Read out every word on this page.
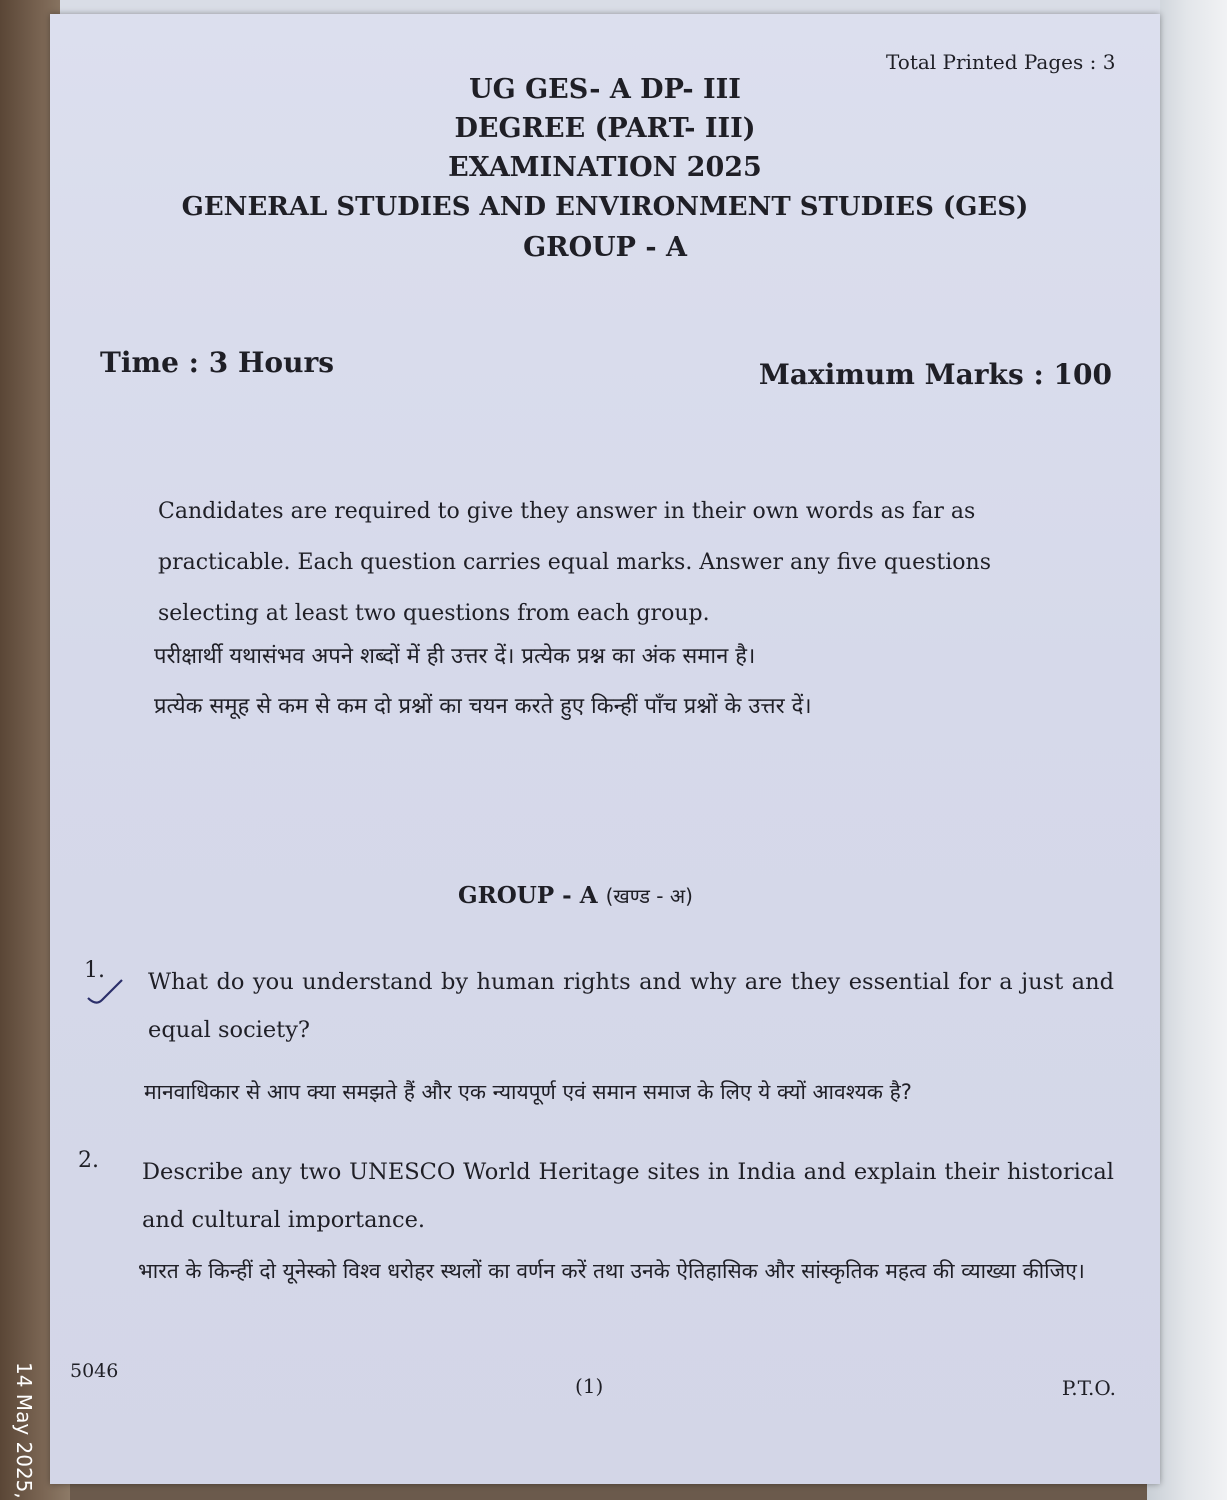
Total Printed Pages : 3
UG GES- A DP- III
DEGREE (PART- III)
EXAMINATION 2025
GENERAL STUDIES AND ENVIRONMENT STUDIES (GES)
GROUP - A
Time : 3 Hours	Maximum Marks : 100
Candidates are required to give they answer in their own words as far as practicable. Each question carries equal marks. Answer any five questions selecting at least two questions from each group.
परीक्षार्थी यथासंभव अपने शब्दों में ही उत्तर दें। प्रत्येक प्रश्न का अंक समान है।
प्रत्येक समूह से कम से कम दो प्रश्नों का चयन करते हुए किन्हीं पाँच प्रश्नों के उत्तर दें।
GROUP - A (खण्ड - अ)
1. What do you understand by human rights and why are they essential for a just and equal society?
मानवाधिकार से आप क्या समझते हैं और एक न्यायपूर्ण एवं समान समाज के लिए ये क्यों आवश्यक है?
2. Describe any two UNESCO World Heritage sites in India and explain their historical and cultural importance.
भारत के किन्हीं दो यूनेस्को विश्व धरोहर स्थलों का वर्णन करें तथा उनके ऐतिहासिक और सांस्कृतिक महत्व की व्याख्या कीजिए।
5046
(1)	P.T.O.
14 May 2025,
